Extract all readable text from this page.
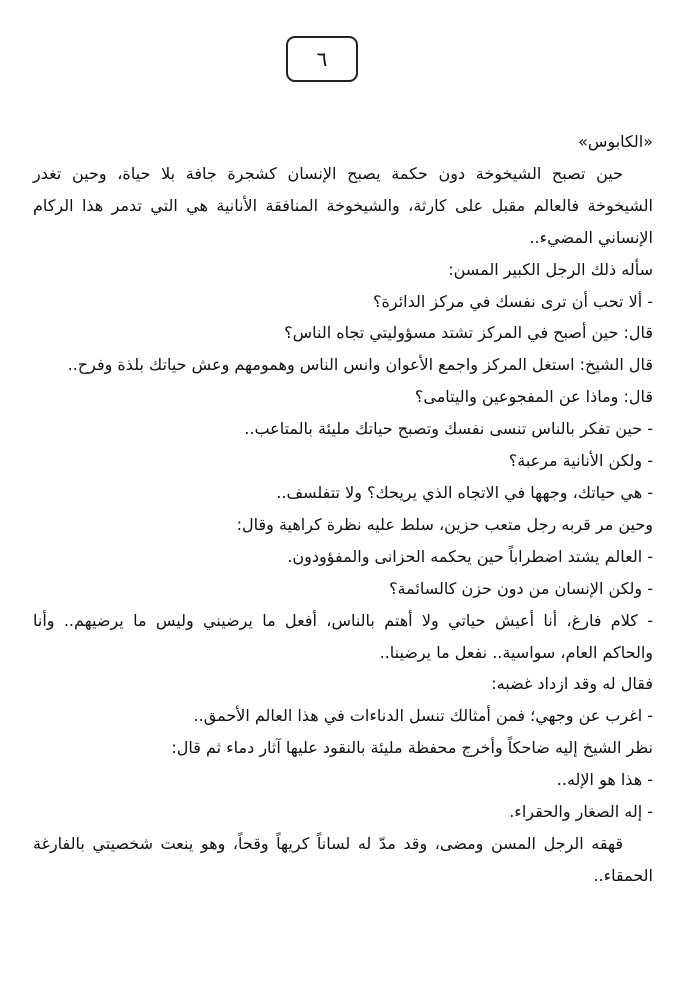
٦
«الكابوس»
حين تصبح الشيخوخة دون حكمة يصبح الإنسان كشجرة جافة بلا حياة، وحين تغدر
الشيخوخة فالعالم مقبل على كارثة، والشيخوخة المنافقة الأنانية هي التي تدمر هذا الركام
الإنساني المضيء..
سأله ذلك الرجل الكبير المسن:
- ألا تحب أن ترى نفسك في مركز الدائرة؟
قال: حين أصبح في المركز تشتد مسؤوليتي تجاه الناس؟
قال الشيخ: استغل المركز واجمع الأعوان وانس الناس وهمومهم وعش حياتك بلذة وفرح..
قال: وماذا عن المفجوعين واليتامى؟
- حين تفكر بالناس تنسى نفسك وتصبح حياتك مليئة بالمتاعب..
- ولكن الأنانية مرعبة؟
- هي حياتك، وجهها في الاتجاه الذي يريحك؟ ولا تتفلسف..
وحين مر قربه رجل متعب حزين، سلط عليه نظرة كراهية وقال:
- العالم يشتد اضطراباً حين يحكمه الحزانى والمفؤودون.
- ولكن الإنسان من دون حزن كالسائمة؟
- كلام فارغ، أنا أعيش حياتي ولا أهتم بالناس، أفعل ما يرضيني وليس ما يرضيهم.. وأنا
والحاكم العام، سواسية.. نفعل ما يرضينا..
فقال له وقد ازداد غضبه:
- اغرب عن وجهي؛ فمن أمثالك تنسل الدناءات في هذا العالم الأحمق..
نظر الشيخ إليه ضاحكاً وأخرج محفظة مليئة بالنقود عليها آثار دماء ثم قال:
- هذا هو الإله..
- إله الصغار والحقراء.
قهقه الرجل المسن ومضى، وقد مدّ له لساناً كريهاً وقحاً، وهو ينعت شخصيتي بالفارغة
الحمقاء..
